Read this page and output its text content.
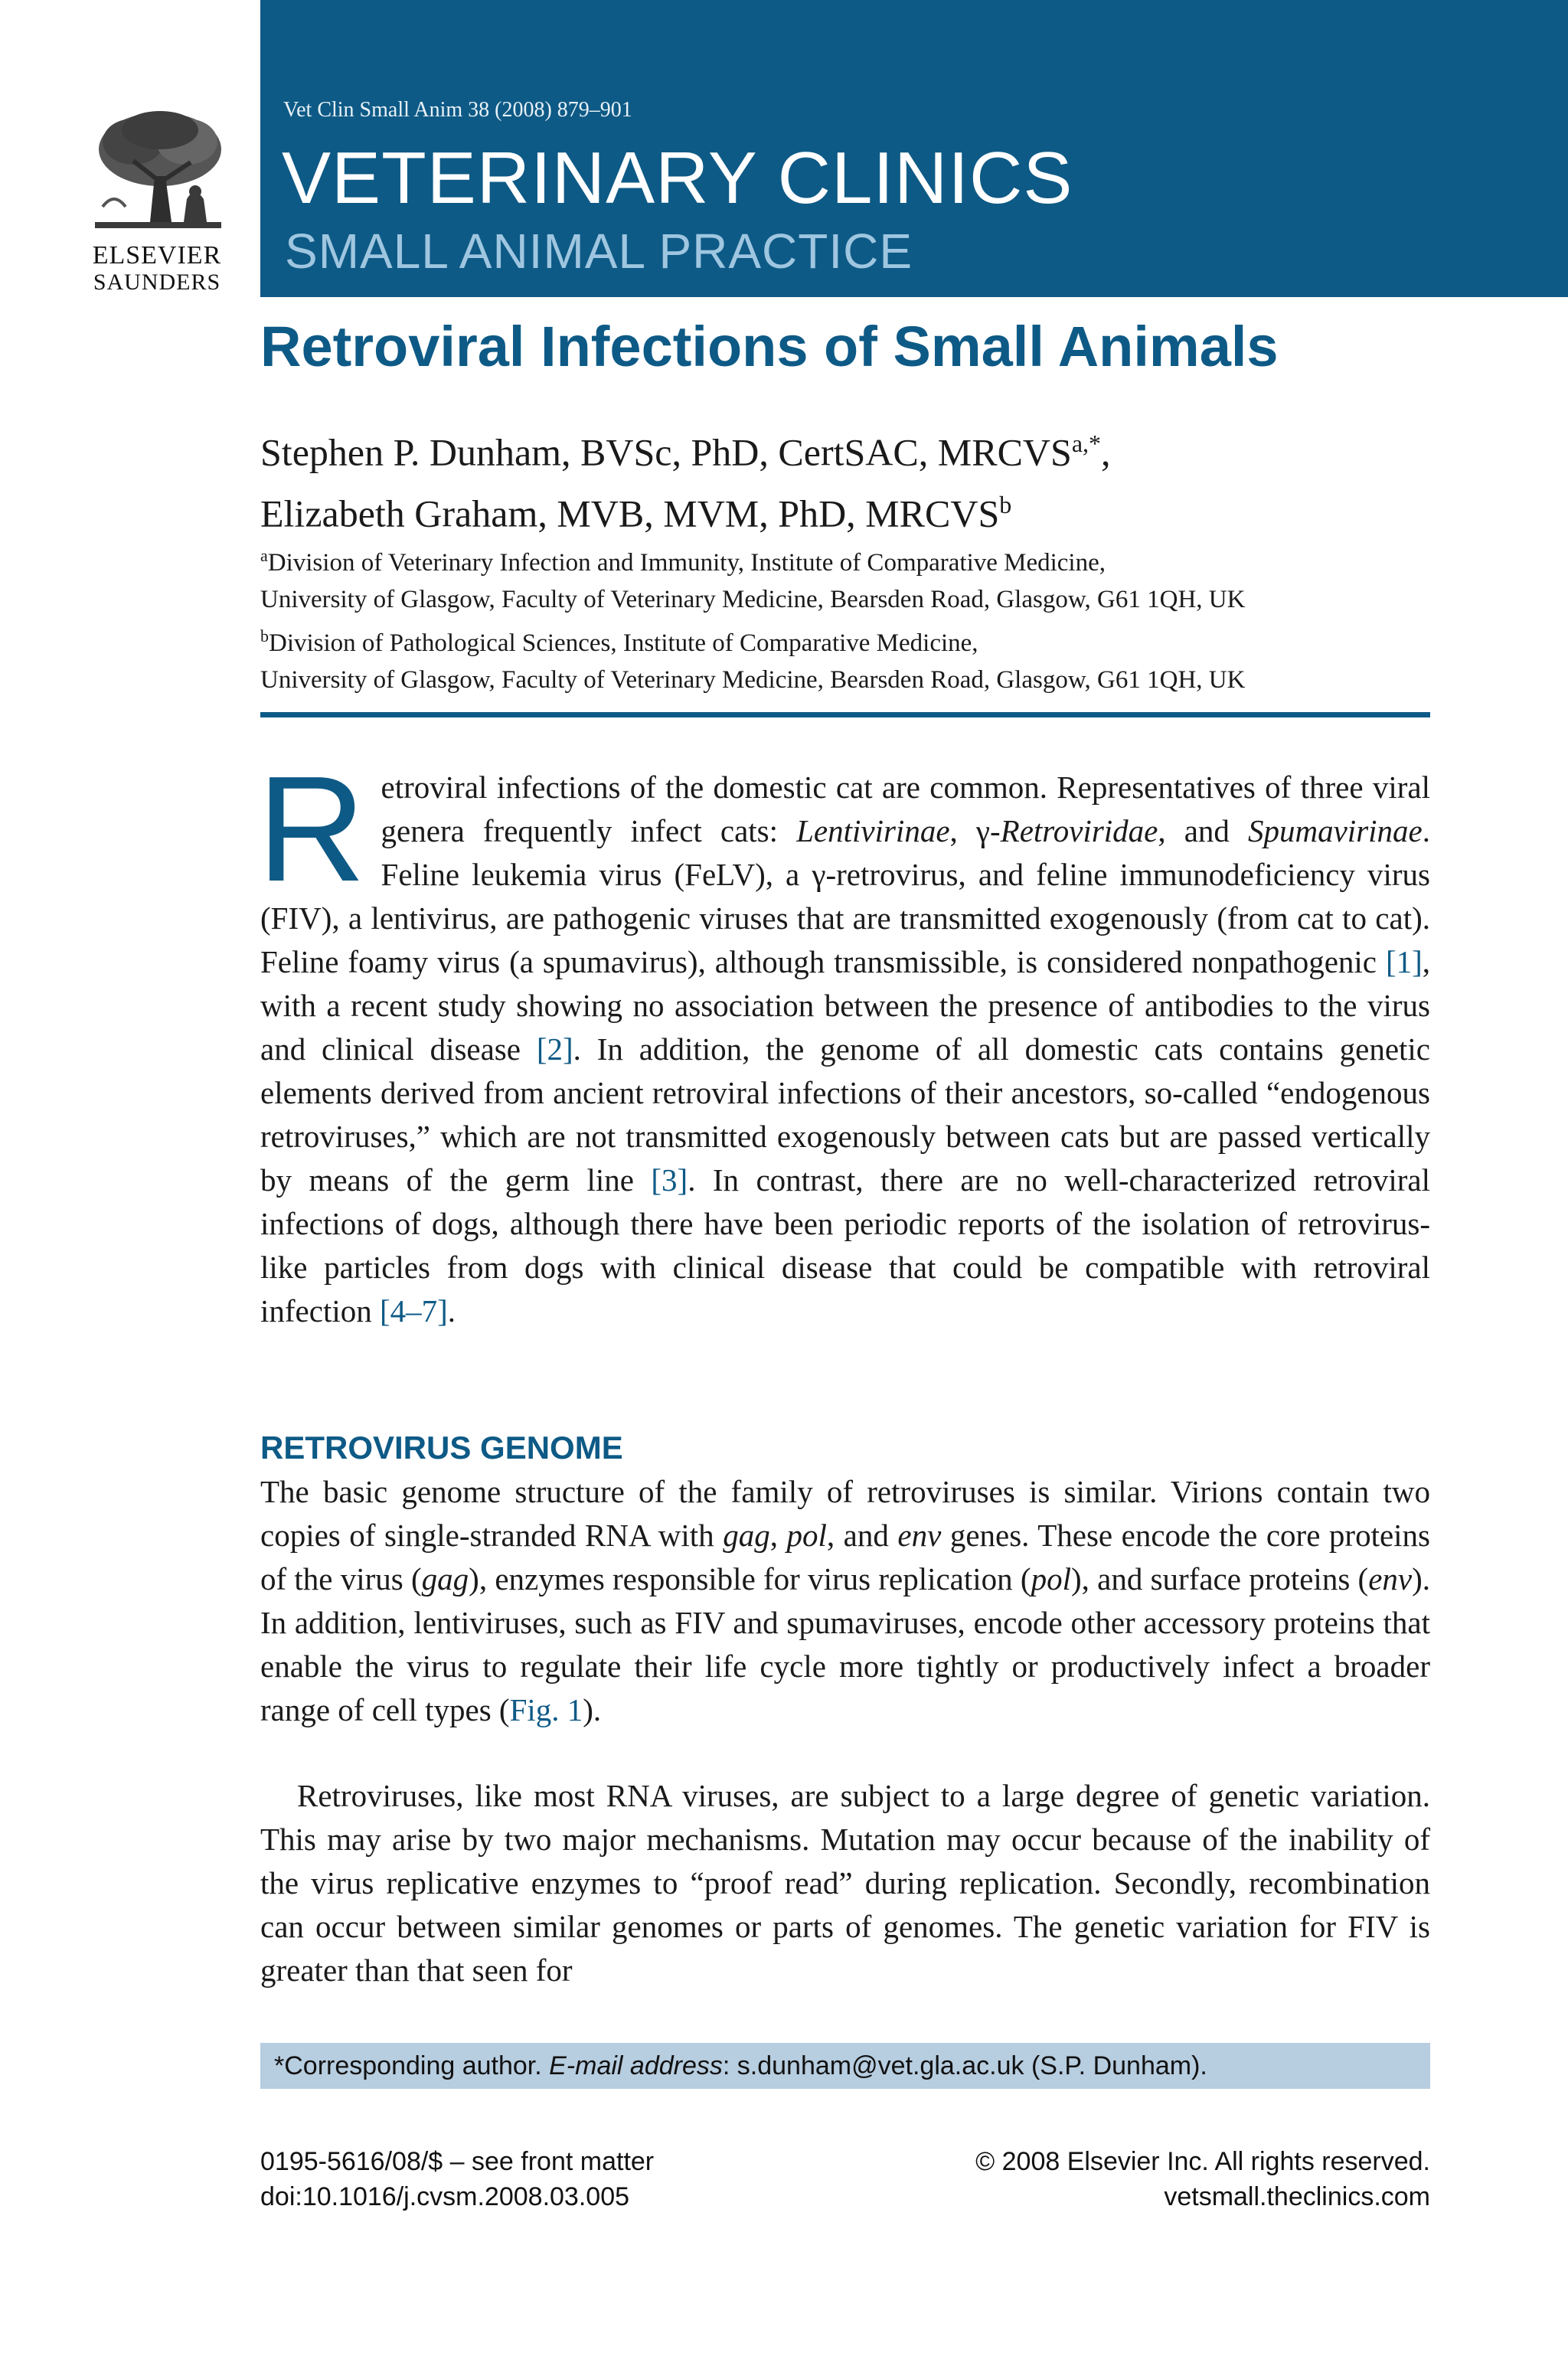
ELSEVIER
SAUNDERS
Vet Clin Small Anim 38 (2008) 879–901
VETERINARY CLINICS
SMALL ANIMAL PRACTICE
Retroviral Infections of Small Animals
Stephen P. Dunham, BVSc, PhD, CertSAC, $MRCVS^{a,*}$,
Elizabeth Graham, MVB, MVM, PhD, MRCVS$^b$
$^a$Division of Veterinary Infection and Immunity, Institute of Comparative Medicine,
University of Glasgow, Faculty of Veterinary Medicine, Bearsden Road, Glasgow, G61 1QH, UK
$^b$Division of Pathological Sciences, Institute of Comparative Medicine,
University of Glasgow, Faculty of Veterinary Medicine, Bearsden Road, Glasgow, G61 1QH, UK
Retroviral infections of the domestic cat are common. Representatives of three viral genera frequently infect cats: Lentivirinae, γ-Retroviridae, and Spumavirinae. Feline leukemia virus (FeLV), a γ-retrovirus, and feline immunodeficiency virus (FIV), a lentivirus, are pathogenic viruses that are transmitted exogenously (from cat to cat). Feline foamy virus (a spumavirus), although transmissible, is considered nonpathogenic [1], with a recent study showing no association between the presence of antibodies to the virus and clinical disease [2]. In addition, the genome of all domestic cats contains genetic elements derived from ancient retroviral infections of their ancestors, so-called “endogenous retroviruses,” which are not transmitted exogenously between cats but are passed vertically by means of the germ line [3]. In contrast, there are no well-characterized retroviral infections of dogs, although there have been periodic reports of the isolation of retrovirus-like particles from dogs with clinical disease that could be compatible with retroviral infection [4–7].
RETROVIRUS GENOME
The basic genome structure of the family of retroviruses is similar. Virions contain two copies of single-stranded RNA with gag, pol, and env genes. These encode the core proteins of the virus (gag), enzymes responsible for virus replication (pol), and surface proteins (env). In addition, lentiviruses, such as FIV and spumaviruses, encode other accessory proteins that enable the virus to regulate their life cycle more tightly or productively infect a broader range of cell types (Fig. 1).
Retroviruses, like most RNA viruses, are subject to a large degree of genetic variation. This may arise by two major mechanisms. Mutation may occur because of the inability of the virus replicative enzymes to “proof read” during replication. Secondly, recombination can occur between similar genomes or parts of genomes. The genetic variation for FIV is greater than that seen for
*Corresponding author. E-mail address: s.dunham@vet.gla.ac.uk (S.P. Dunham).
0195-5616/08/$ – see front matter
doi:10.1016/j.cvsm.2008.03.005
© 2008 Elsevier Inc. All rights reserved.
vetsmall.theclinics.com
